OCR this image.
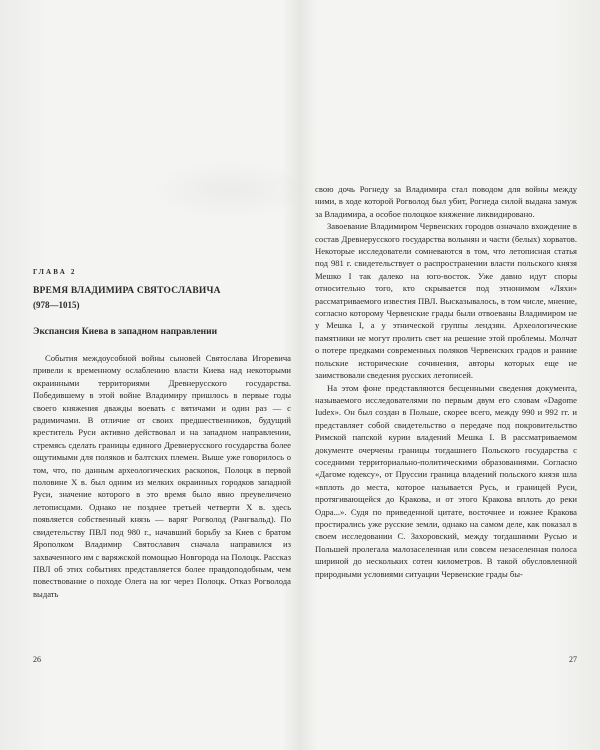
ГЛАВА 2
ВРЕМЯ ВЛАДИМИРА СВЯТОСЛАВИЧА
(978—1015)
Экспансия Киева в западном направлении

События междоусобной войны сыновей Святослава Игоревича привели к временному ослаблению власти Киева над некоторыми окраинными территориями Древнерусского государства. Победившему в этой войне Владимиру пришлось в первые годы своего княжения дважды воевать с вятичами и один раз — с радимичами. В отличие от своих предшественников, будущий креститель Руси активно действовал и на западном направлении, стремясь сделать границы единого Древнерусского государства более ощутимыми для поляков и балтских племен. Выше уже говорилось о том, что, по данным археологических раскопок, Полоцк в первой половине X в. был одним из мелких окраинных городков западной Руси, значение которого в это время было явно преувеличено летописцами. Однако не позднее третьей четверти X в. здесь появляется собственный князь — варяг Рогволод (Рангвальд). По свидетельству ПВЛ под 980 г., начавший борьбу за Киев с братом Ярополком Владимир Святославич сначала направился из захваченного им с варяжской помощью Новгорода на Полоцк. Рассказ ПВЛ об этих событиях представляется более правдоподобным, чем повествование о походе Олега на юг через Полоцк. Отказ Рогволода выдать

26

свою дочь Рогнеду за Владимира стал поводом для войны между ними, в ходе которой Рогволод был убит, Рогнеда силой выдана замуж за Владимира, а особое полоцкое княжение ликвидировано.

Завоевание Владимиром Червенских городов означало вхождение в состав Древнерусского государства волынян и части (белых) хорватов. Некоторые исследователи сомневаются в том, что летописная статья под 981 г. свидетельствует о распространении власти польского князя Мешко I так далеко на юго-восток. Уже давно идут споры относительно того, кто скрывается под этнонимом «Ляхи» рассматриваемого известия ПВЛ. Высказывалось, в том числе, мнение, согласно которому Червенские грады были отвоеваны Владимиром не у Мешка I, а у этнической группы лендзян. Археологические памятники не могут пролить свет на решение этой проблемы. Молчат о потере предками современных поляков Червенских градов и ранние польские исторические сочинения, авторы которых еще не заимствовали сведения русских летописей.

На этом фоне представляются бесценными сведения документа, называемого исследователями по первым двум его словам «Dagome Iudex». Он был создан в Польше, скорее всего, между 990 и 992 гг. и представляет собой свидетельство о передаче под покровительство Римской папской курии владений Мешка I. В рассматриваемом документе очерчены границы тогдашнего Польского государства с соседними территориально-политическими образованиями. Согласно «Дагоме юдексу», от Пруссии граница владений польского князя шла «вплоть до места, которое называется Русь, и границей Руси, протягивающейся до Кракова, и от этого Кракова вплоть до реки Одра...». Судя по приведенной цитате, восточнее и южнее Кракова простирались уже русские земли, однако на самом деле, как показал в своем исследовании С. Захоровский, между тогдашними Русью и Польшей пролегала малозаселенная или совсем незаселенная полоса шириной до нескольких сотен километров. В такой обусловленной природными условиями ситуации Червенские грады бы-

27
